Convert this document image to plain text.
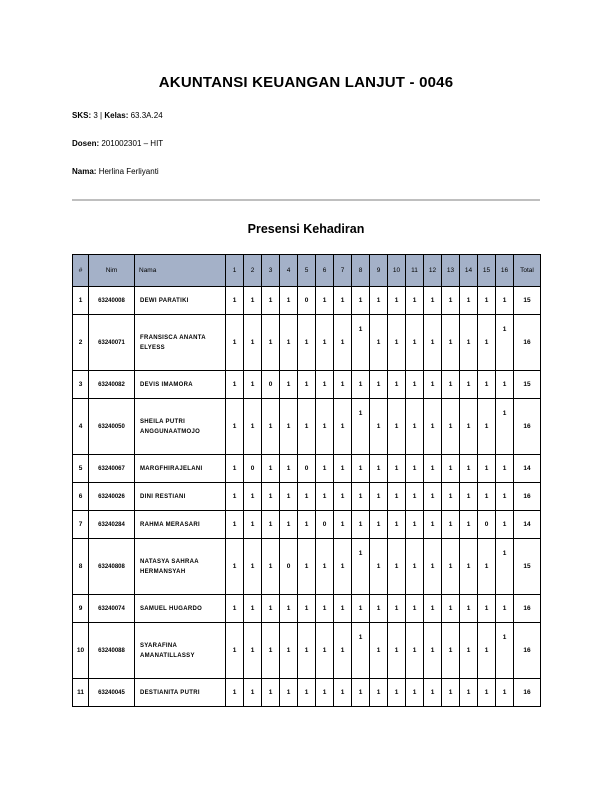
AKUNTANSI KEUANGAN LANJUT - 0046
SKS: 3 | Kelas: 63.3A.24
Dosen: 201002301 – HIT
Nama: Herlina Ferliyanti
Presensi Kehadiran
#	Nim	Nama	1	2	3	4	5	6	7	8	9	10	11	12	13	14	15	16	Total
1	63240008	DEWI PARATIKI	1	1	1	1	0	1	1	1	1	1	1	1	1	1	1	1	15
2	63240071	FRANSISCA ANANTA ELYESS	1	1	1	1	1	1	1	1	1	1	1	1	1	1	1	1	16
3	63240082	DEVIS IMAMORA	1	1	0	1	1	1	1	1	1	1	1	1	1	1	1	1	15
4	63240050	SHEILA PUTRI ANGGUNAATMOJO	1	1	1	1	1	1	1	1	1	1	1	1	1	1	1	1	16
5	63240067	MARGFHIRAJELANI	1	0	1	1	0	1	1	1	1	1	1	1	1	1	1	1	14
6	63240026	DINI RESTIANI	1	1	1	1	1	1	1	1	1	1	1	1	1	1	1	1	16
7	63240284	RAHMA MERASARI	1	1	1	1	1	0	1	1	1	1	1	1	1	1	0	1	14
8	63240808	NATASYA SAHRAA HERMANSYAH	1	1	1	0	1	1	1	1	1	1	1	1	1	1	1	1	15
9	63240074	SAMUEL HUGARDO	1	1	1	1	1	1	1	1	1	1	1	1	1	1	1	1	16
10	63240088	SYARAFINA AMANATILLASSY	1	1	1	1	1	1	1	1	1	1	1	1	1	1	1	1	16
11	63240045	DESTIANITA PUTRI	1	1	1	1	1	1	1	1	1	1	1	1	1	1	1	1	16
